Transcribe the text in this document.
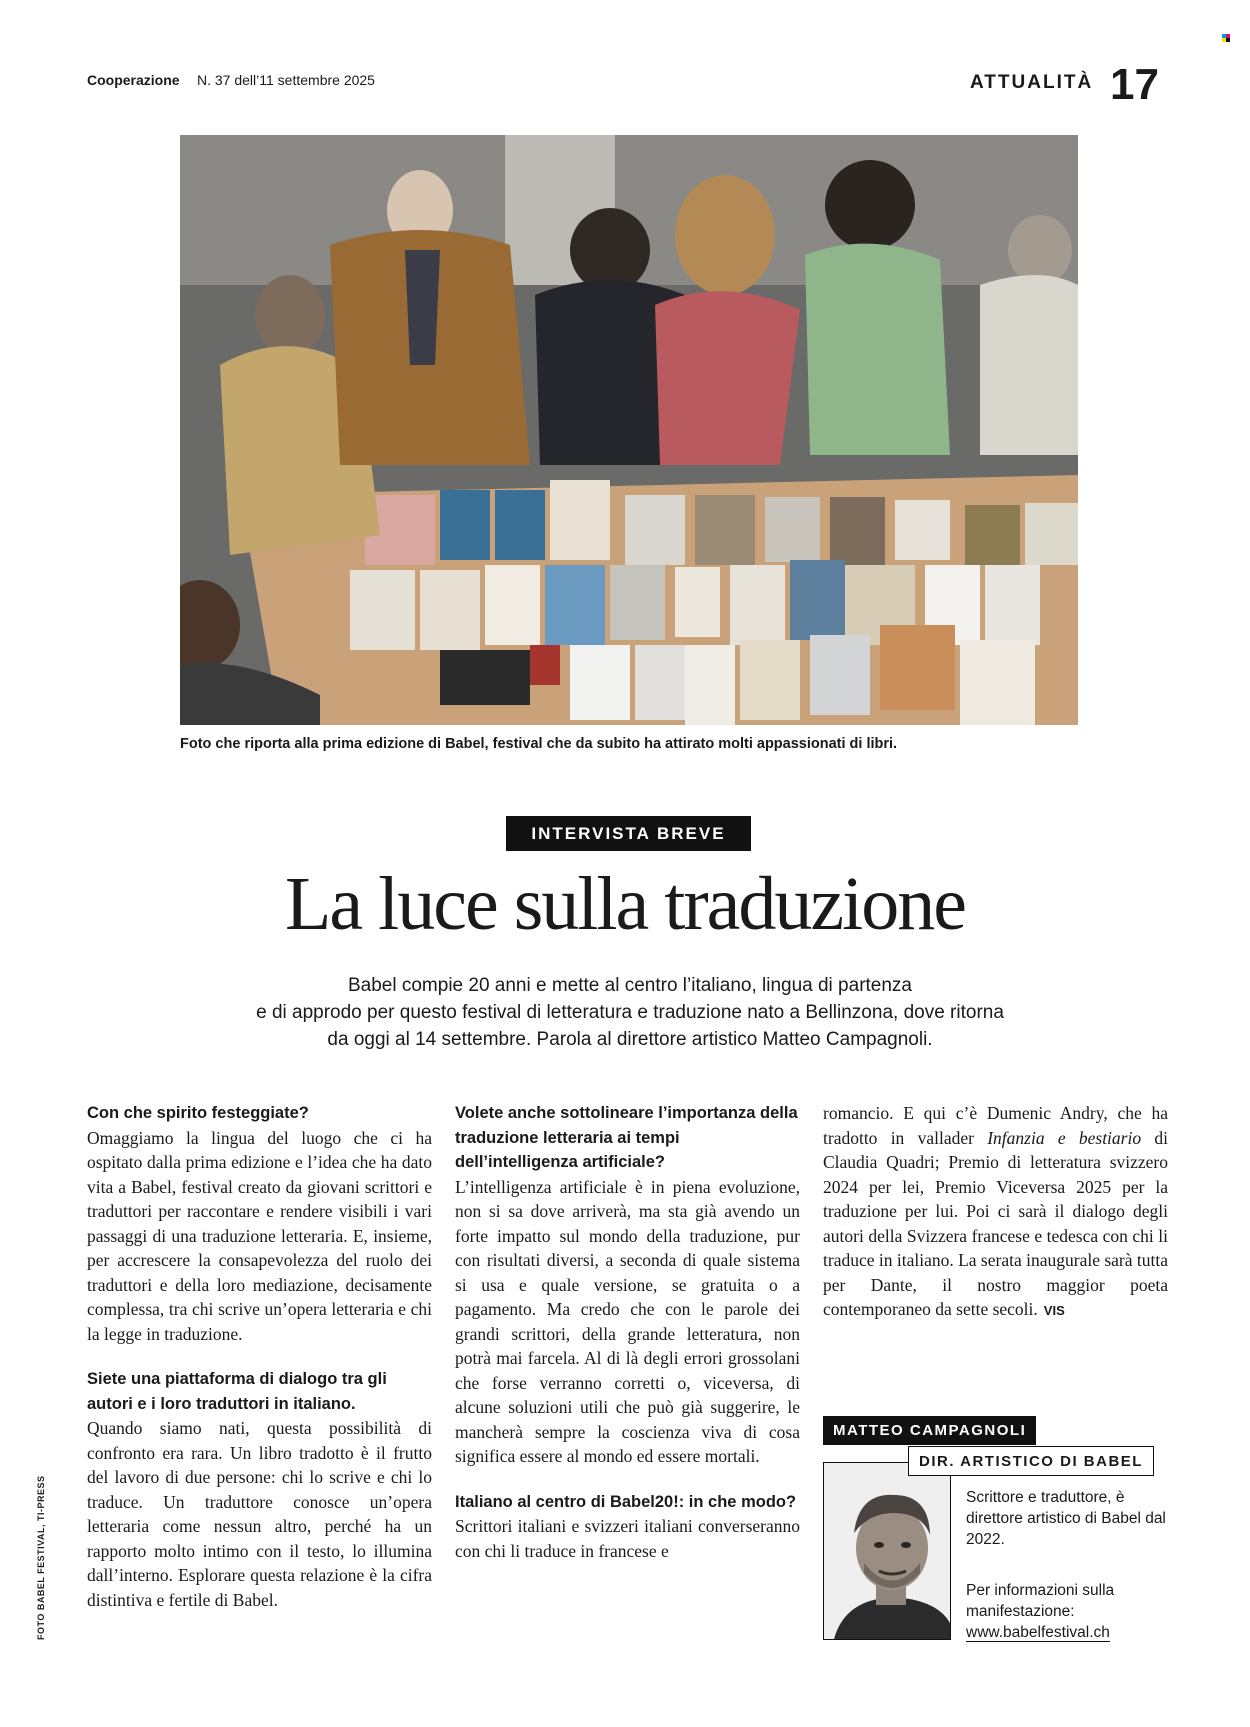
Cooperazione N. 37 dell’11 settembre 2025	ATTUALITÀ 17
Foto che riporta alla prima edizione di Babel, festival che da subito ha attirato molti appassionati di libri.
INTERVISTA BREVE
La luce sulla traduzione
Babel compie 20 anni e mette al centro l’italiano, lingua di partenza
e di approdo per questo festival di letteratura e traduzione nato a Bellinzona, dove ritorna
da oggi al 14 settembre. Parola al direttore artistico Matteo Campagnoli.

Con che spirito festeggiate?

Omaggiamo la lingua del luogo che ci ha ospitato dalla prima edizione e l’idea che ha dato vita a Babel, festival creato da giovani scrittori e traduttori per raccontare e rendere visibili i vari passaggi di una traduzione letteraria. E, insieme, per accrescere la consapevolezza del ruolo dei traduttori e della loro mediazione, decisamente complessa, tra chi scrive un’opera letteraria e chi la legge in traduzione.

Siete una piattaforma di dialogo tra gli autori e i loro traduttori in italiano.

Quando siamo nati, questa possibilità di confronto era rara. Un libro tradotto è il frutto del lavoro di due persone: chi lo scrive e chi lo traduce. Un traduttore conosce un’opera letteraria come nessun altro, perché ha un rapporto molto intimo con il testo, lo illumina dall’interno. Esplorare questa relazione è la cifra distintiva e fertile di Babel.

Volete anche sottolineare l’importanza della traduzione letteraria ai tempi dell’intelligenza artificiale?

L’intelligenza artificiale è in piena evoluzione, non si sa dove arriverà, ma sta già avendo un forte impatto sul mondo della traduzione, pur con risultati diversi, a seconda di quale sistema si usa e quale versione, se gratuita o a pagamento. Ma credo che con le parole dei grandi scrittori, della grande letteratura, non potrà mai farcela. Al di là degli errori grossolani che forse verranno corretti o, viceversa, di alcune soluzioni utili che può già suggerire, le mancherà sempre la coscienza viva di cosa significa essere al mondo ed essere mortali.

Italiano al centro di Babel20!: in che modo?

Scrittori italiani e svizzeri italiani converseranno con chi li traduce in francese e

romancio. E qui c’è Dumenic Andry, che ha tradotto in vallader Infanzia e bestiario di Claudia Quadri; Premio di letteratura svizzero 2024 per lei, Premio Viceversa 2025 per la traduzione per lui. Poi ci sarà il dialogo degli autori della Svizzera francese e tedesca con chi li traduce in italiano. La serata inaugurale sarà tutta per Dante, il nostro maggior poeta contemporaneo da sette secoli. VIS

FOTO BABEL FESTIVAL, TI-PRESS
MATTEO CAMPAGNOLI
DIR. ARTISTICO DI BABEL
Scrittore e traduttore, è direttore artistico di Babel dal 2022.
Per informazioni sulla manifestazione:
www.babelfestival.ch
